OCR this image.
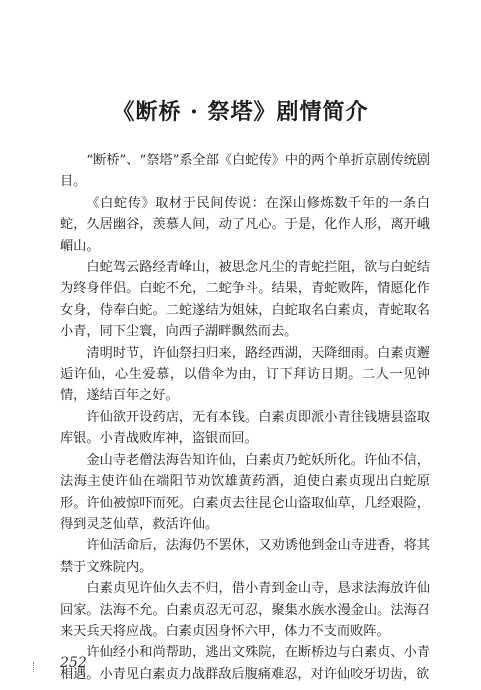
《断桥 · 祭塔》剧情简介

“断桥”、“祭塔”系全部《白蛇传》中的两个单折京剧传统剧目。

《白蛇传》取材于民间传说：在深山修炼数千年的一条白蛇，久居幽谷，羡慕人间，动了凡心。于是，化作人形，离开峨嵋山。

白蛇驾云路经青峰山，被思念凡尘的青蛇拦阻，欲与白蛇结为终身伴侣。白蛇不允，二蛇争斗。结果，青蛇败阵，情愿化作女身，侍奉白蛇。二蛇遂结为姐妹，白蛇取名白素贞，青蛇取名小青，同下尘寰，向西子湖畔飘然而去。

清明时节，许仙祭扫归来，路经西湖，天降细雨。白素贞邂逅许仙，心生爱慕，以借伞为由，订下拜访日期。二人一见钟情，遂结百年之好。

许仙欲开设药店，无有本钱。白素贞即派小青往钱塘县盗取库银。小青战败库神，盗银而回。

金山寺老僧法海告知许仙，白素贞乃蛇妖所化。许仙不信，法海主使许仙在端阳节劝饮雄黄药酒，迫使白素贞现出白蛇原形。许仙被惊吓而死。白素贞去往昆仑山盗取仙草，几经艰险，得到灵芝仙草，救活许仙。

许仙活命后，法海仍不罢休，又劝诱他到金山寺进香，将其禁于文殊院内。

白素贞见许仙久去不归，借小青到金山寺，恳求法海放许仙回家。法海不允。白素贞忍无可忍，聚集水族水漫金山。法海召来天兵天将应战。白素贞因身怀六甲，体力不支而败阵。

许仙经小和尚帮助，逃出文殊院，在断桥边与白素贞、小青相遇。小青见白素贞力战群敌后腹痛难忍，对许仙咬牙切齿，欲

252
